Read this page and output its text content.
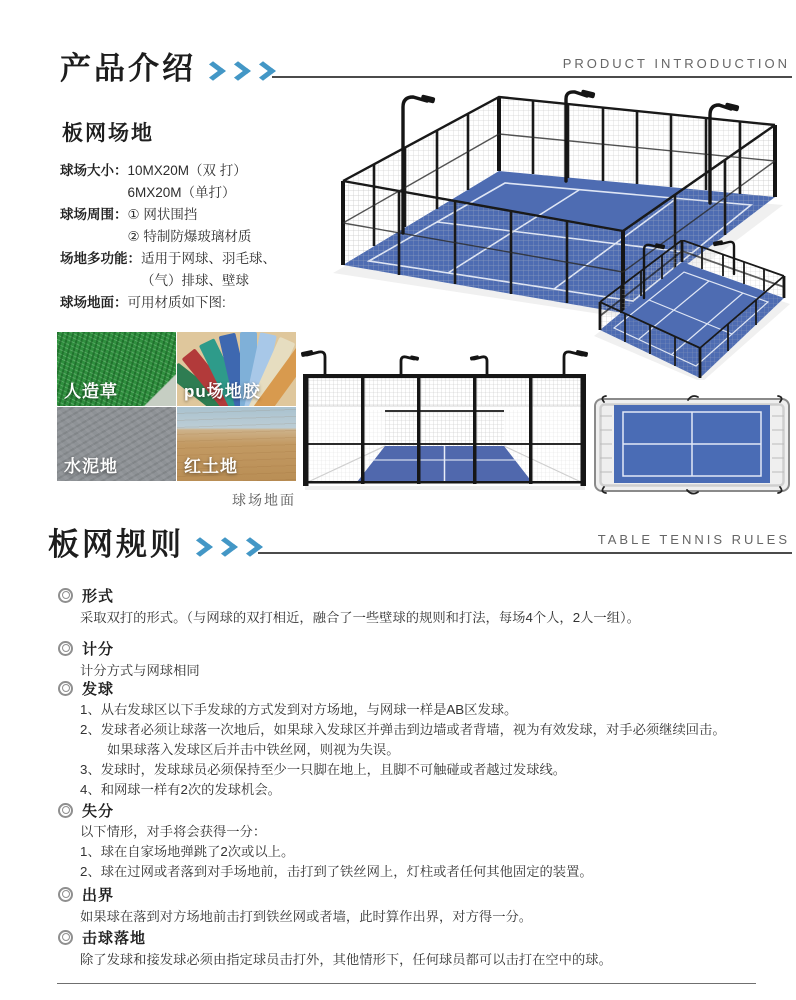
产品介绍	PRODUCT INTRODUCTION
板网场地
球场大小： 10MX20M（双 打）
6MX20M（单打）
球场周围： ① 网状围挡
② 特制防爆玻璃材质
场地多功能： 适用于网球、羽毛球、
（气）排球、壁球
球场地面： 可用材质如下图:
人造草	pu场地胶
水泥地	红土地
球场地面
板网规则	TABLE TENNIS RULES
形式
采取双打的形式。（与网球的双打相近，融合了一些壁球的规则和打法，每场4个人，2人一组）。
计分
计分方式与网球相同
发球
1、从右发球区以下手发球的方式发到对方场地，与网球一样是AB区发球。
2、发球者必须让球落一次地后，如果球入发球区并弹击到边墙或者背墙，视为有效发球，对手必须继续回击。
如果球落入发球区后并击中铁丝网，则视为失误。
3、发球时，发球球员必须保持至少一只脚在地上，且脚不可触碰或者越过发球线。
4、和网球一样有2次的发球机会。
失分
以下情形，对手将会获得一分：
1、球在自家场地弹跳了2次或以上。
2、球在过网或者落到对手场地前，击打到了铁丝网上，灯柱或者任何其他固定的装置。
出界
如果球在落到对方场地前击打到铁丝网或者墙，此时算作出界，对方得一分。
击球落地
除了发球和接发球必须由指定球员击打外，其他情形下，任何球员都可以击打在空中的球。
